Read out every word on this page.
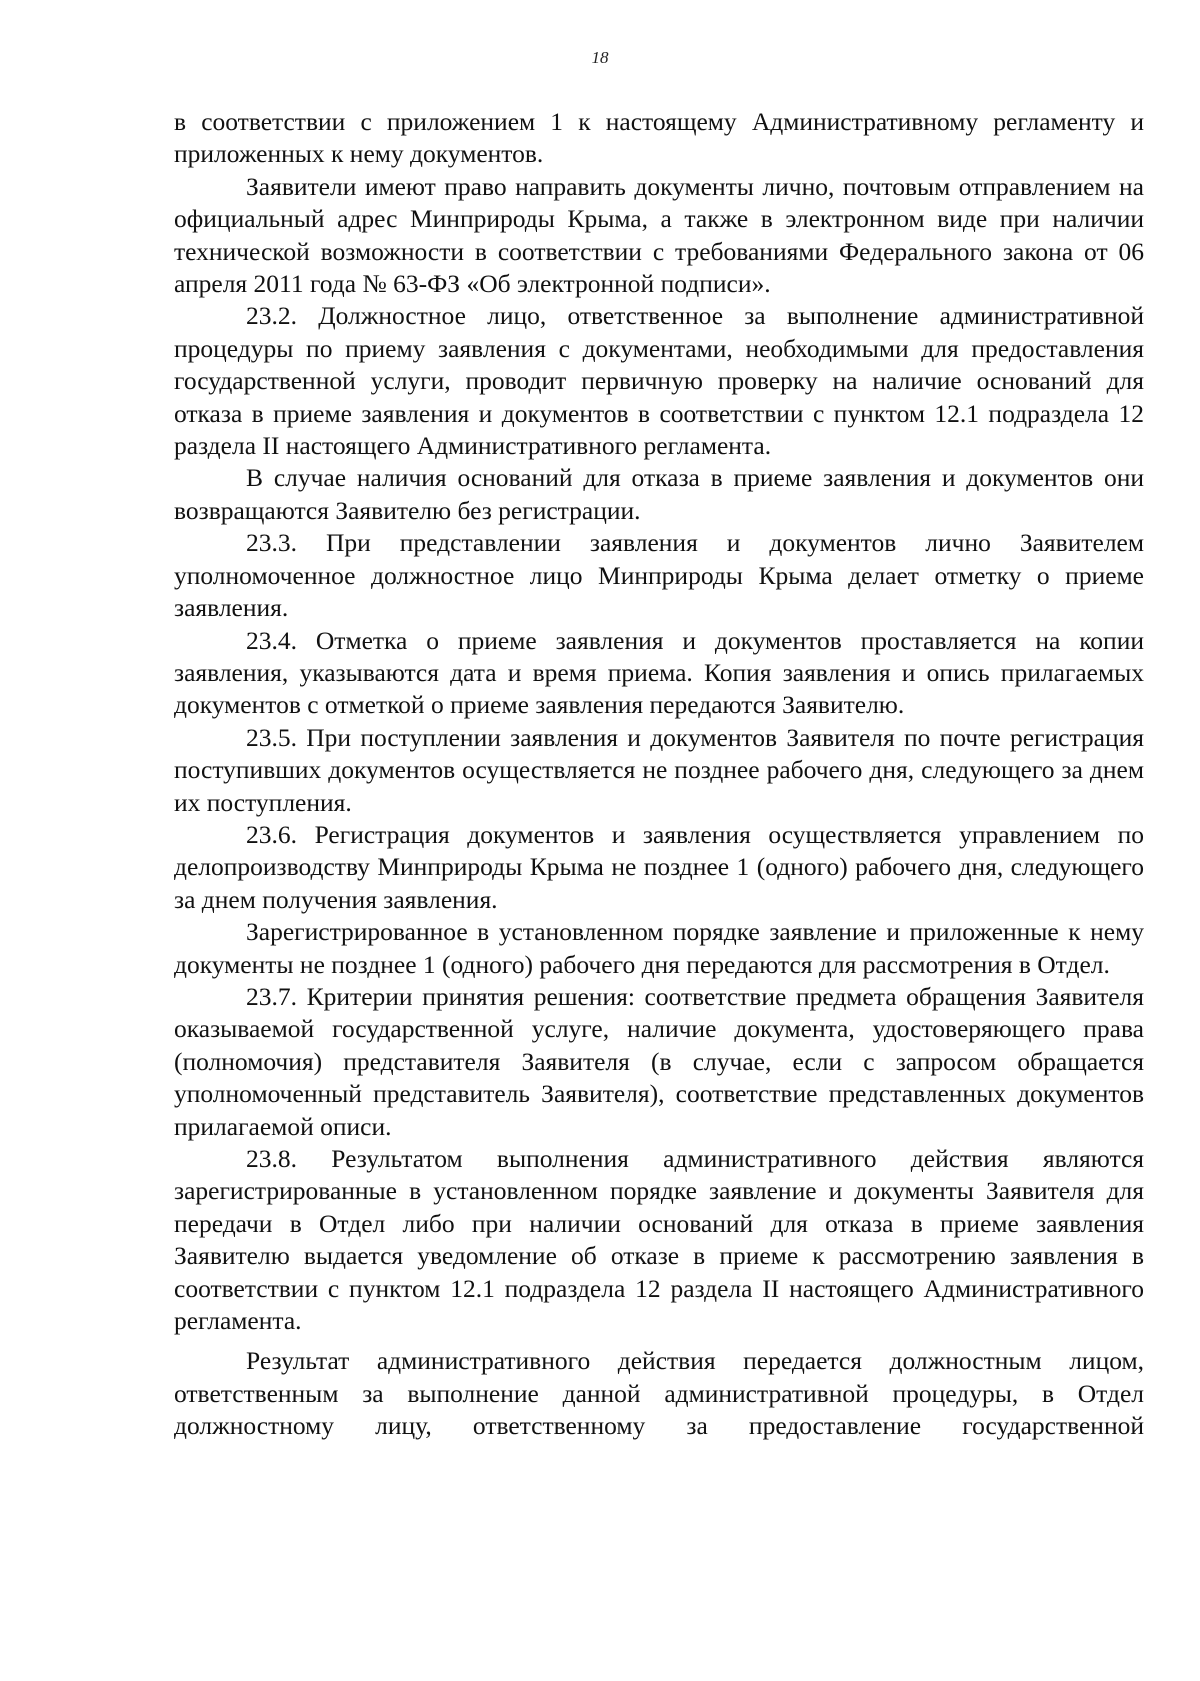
18

в соответствии с приложением 1 к настоящему Административному регламенту и приложенных к нему документов.

Заявители имеют право направить документы лично, почтовым отправлением на официальный адрес Минприроды Крыма, а также в электронном виде при наличии технической возможности в соответствии с требованиями Федерального закона от 06 апреля 2011 года № 63-ФЗ «Об электронной подписи».

23.2. Должностное лицо, ответственное за выполнение административной процедуры по приему заявления с документами, необходимыми для предоставления государственной услуги, проводит первичную проверку на наличие оснований для отказа в приеме заявления и документов в соответствии с пунктом 12.1 подраздела 12 раздела II настоящего Административного регламента.

В случае наличия оснований для отказа в приеме заявления и документов они возвращаются Заявителю без регистрации.

23.3. При представлении заявления и документов лично Заявителем уполномоченное должностное лицо Минприроды Крыма делает отметку о приеме заявления.

23.4. Отметка о приеме заявления и документов проставляется на копии заявления, указываются дата и время приема. Копия заявления и опись прилагаемых документов с отметкой о приеме заявления передаются Заявителю.

23.5. При поступлении заявления и документов Заявителя по почте регистрация поступивших документов осуществляется не позднее рабочего дня, следующего за днем их поступления.

23.6. Регистрация документов и заявления осуществляется управлением по делопроизводству Минприроды Крыма не позднее 1 (одного) рабочего дня, следующего за днем получения заявления.

Зарегистрированное в установленном порядке заявление и приложенные к нему документы не позднее 1 (одного) рабочего дня передаются для рассмотрения в Отдел.

23.7. Критерии принятия решения: соответствие предмета обращения Заявителя оказываемой государственной услуге, наличие документа, удостоверяющего права (полномочия) представителя Заявителя (в случае, если с запросом обращается уполномоченный представитель Заявителя), соответствие представленных документов прилагаемой описи.

23.8. Результатом выполнения административного действия являются зарегистрированные в установленном порядке заявление и документы Заявителя для передачи в Отдел либо при наличии оснований для отказа в приеме заявления Заявителю выдается уведомление об отказе в приеме к рассмотрению заявления в соответствии с пунктом 12.1 подраздела 12 раздела II настоящего Административного регламента.

Результат административного действия передается должностным лицом, ответственным за выполнение данной административной процедуры, в Отдел должностному лицу, ответственному за предоставление государственной
